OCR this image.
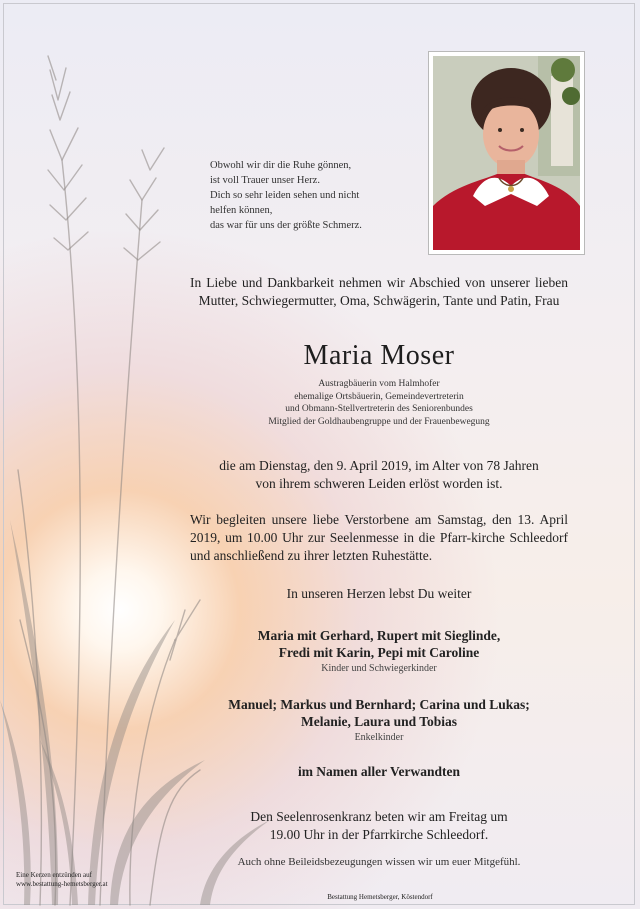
Obwohl wir dir die Ruhe gönnen,
ist voll Trauer unser Herz.
Dich so sehr leiden sehen und nicht
helfen können,
das war für uns der größte Schmerz.
In Liebe und Dankbarkeit nehmen wir Abschied von unserer lieben Mutter, Schwiegermutter, Oma, Schwägerin, Tante und Patin, Frau
Maria Moser
Austragbäuerin vom Halmhofer
ehemalige Ortsbäuerin, Gemeindevertreterin
und Obmann-Stellvertreterin des Seniorenbundes
Mitglied der Goldhaubengruppe und der Frauenbewegung
die am Dienstag, den 9. April 2019, im Alter von 78 Jahren
von ihrem schweren Leiden erlöst worden ist.
Wir begleiten unsere liebe Verstorbene am Samstag, den 13. April 2019, um 10.00 Uhr zur Seelenmesse in die Pfarr-kirche Schleedorf und anschließend zu ihrer letzten Ruhestätte.
In unseren Herzen lebst Du weiter
Maria mit Gerhard, Rupert mit Sieglinde,
Fredi mit Karin, Pepi mit Caroline
Kinder und Schwiegerkinder
Manuel; Markus und Bernhard; Carina und Lukas;
Melanie, Laura und Tobias
Enkelkinder
im Namen aller Verwandten
Den Seelenrosenkranz beten wir am Freitag um
19.00 Uhr in der Pfarrkirche Schleedorf.
Auch ohne Beileidsbezeugungen wissen wir um euer Mitgefühl.
Eine Kerzen entzünden auf
www.bestattung-hemetsberger.at
Bestattung Hemetsberger, Köstendorf
